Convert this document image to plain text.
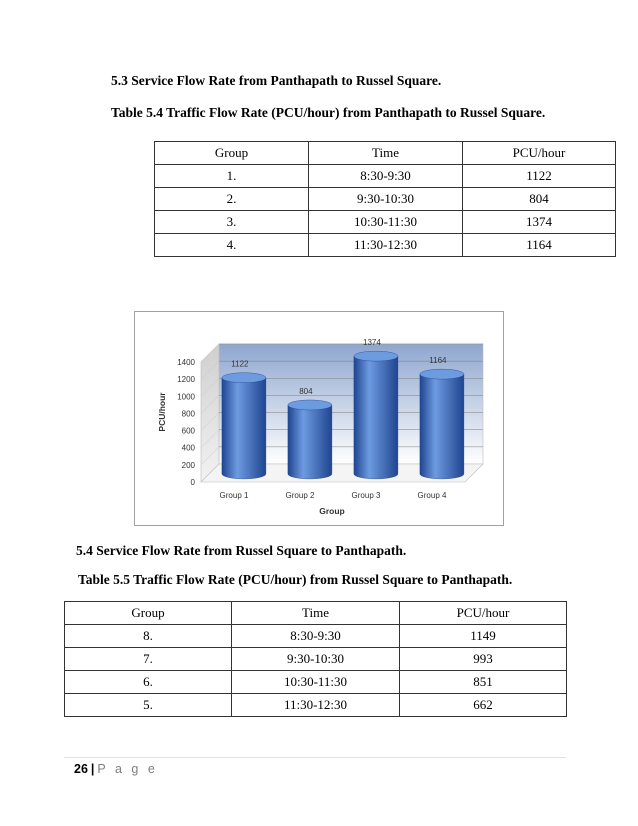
5.3 Service Flow Rate from Panthapath to Russel Square.
Table 5.4 Traffic Flow Rate (PCU/hour) from Panthapath to Russel Square.
Group	Time	PCU/hour
1.	8:30-9:30	1122
2.	9:30-10:30	804
3.	10:30-11:30	1374
4.	11:30-12:30	1164
0
200
400
600
800
1000
1200
1400	1122
804
1374
1164
Group 1	Group 2	Group 3	Group 4
Group
PCU/hour
5.4 Service Flow Rate from Russel Square to Panthapath.
Table 5.5 Traffic Flow Rate (PCU/hour) from Russel Square to Panthapath.
Group	Time	PCU/hour
8.	8:30-9:30	1149
7.	9:30-10:30	993
6.	10:30-11:30	851
5.	11:30-12:30	662
26 | P a g e
